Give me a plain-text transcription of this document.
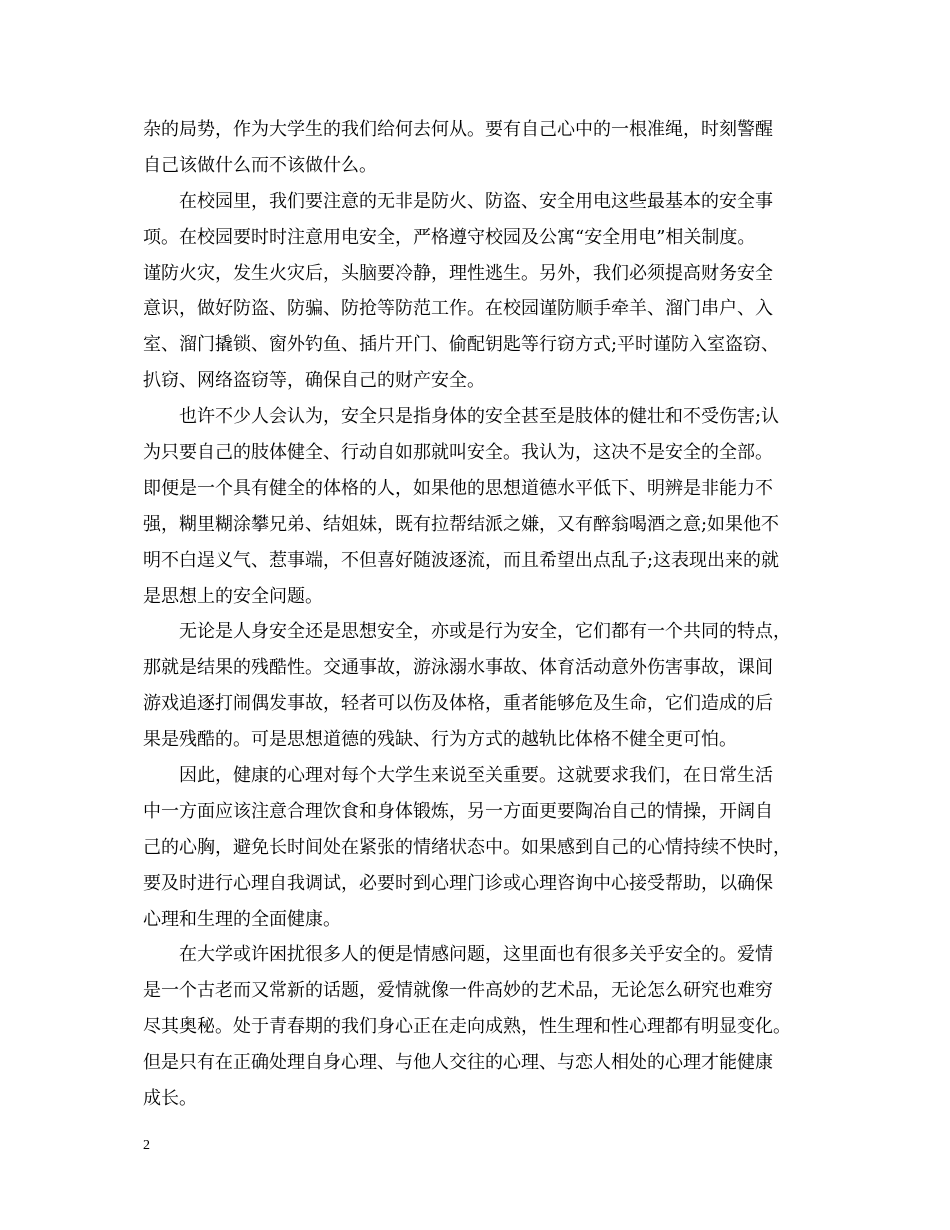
杂的局势，作为大学生的我们给何去何从。要有自己心中的一根准绳，时刻警醒
自己该做什么而不该做什么。
在校园里，我们要注意的无非是防火、防盗、安全用电这些最基本的安全事
项。在校园要时时注意用电安全，严格遵守校园及公寓“安全用电”相关制度。
谨防火灾，发生火灾后，头脑要冷静，理性逃生。另外，我们必须提高财务安全
意识，做好防盗、防骗、防抢等防范工作。在校园谨防顺手牵羊、溜门串户、入
室、溜门撬锁、窗外钓鱼、插片开门、偷配钥匙等行窃方式;平时谨防入室盗窃、
扒窃、网络盗窃等，确保自己的财产安全。
也许不少人会认为，安全只是指身体的安全甚至是肢体的健壮和不受伤害;认
为只要自己的肢体健全、行动自如那就叫安全。我认为，这决不是安全的全部。
即便是一个具有健全的体格的人，如果他的思想道德水平低下、明辨是非能力不
强，糊里糊涂攀兄弟、结姐妹，既有拉帮结派之嫌，又有醉翁喝酒之意;如果他不
明不白逞义气、惹事端，不但喜好随波逐流，而且希望出点乱子;这表现出来的就
是思想上的安全问题。
无论是人身安全还是思想安全，亦或是行为安全，它们都有一个共同的特点，
那就是结果的残酷性。交通事故，游泳溺水事故、体育活动意外伤害事故，课间
游戏追逐打闹偶发事故，轻者可以伤及体格，重者能够危及生命，它们造成的后
果是残酷的。可是思想道德的残缺、行为方式的越轨比体格不健全更可怕。
因此，健康的心理对每个大学生来说至关重要。这就要求我们，在日常生活
中一方面应该注意合理饮食和身体锻炼，另一方面更要陶冶自己的情操，开阔自
己的心胸，避免长时间处在紧张的情绪状态中。如果感到自己的心情持续不快时，
要及时进行心理自我调试，必要时到心理门诊或心理咨询中心接受帮助，以确保
心理和生理的全面健康。
在大学或许困扰很多人的便是情感问题，这里面也有很多关乎安全的。爱情
是一个古老而又常新的话题，爱情就像一件高妙的艺术品，无论怎么研究也难穷
尽其奥秘。处于青春期的我们身心正在走向成熟，性生理和性心理都有明显变化。
但是只有在正确处理自身心理、与他人交往的心理、与恋人相处的心理才能健康
成长。
2
